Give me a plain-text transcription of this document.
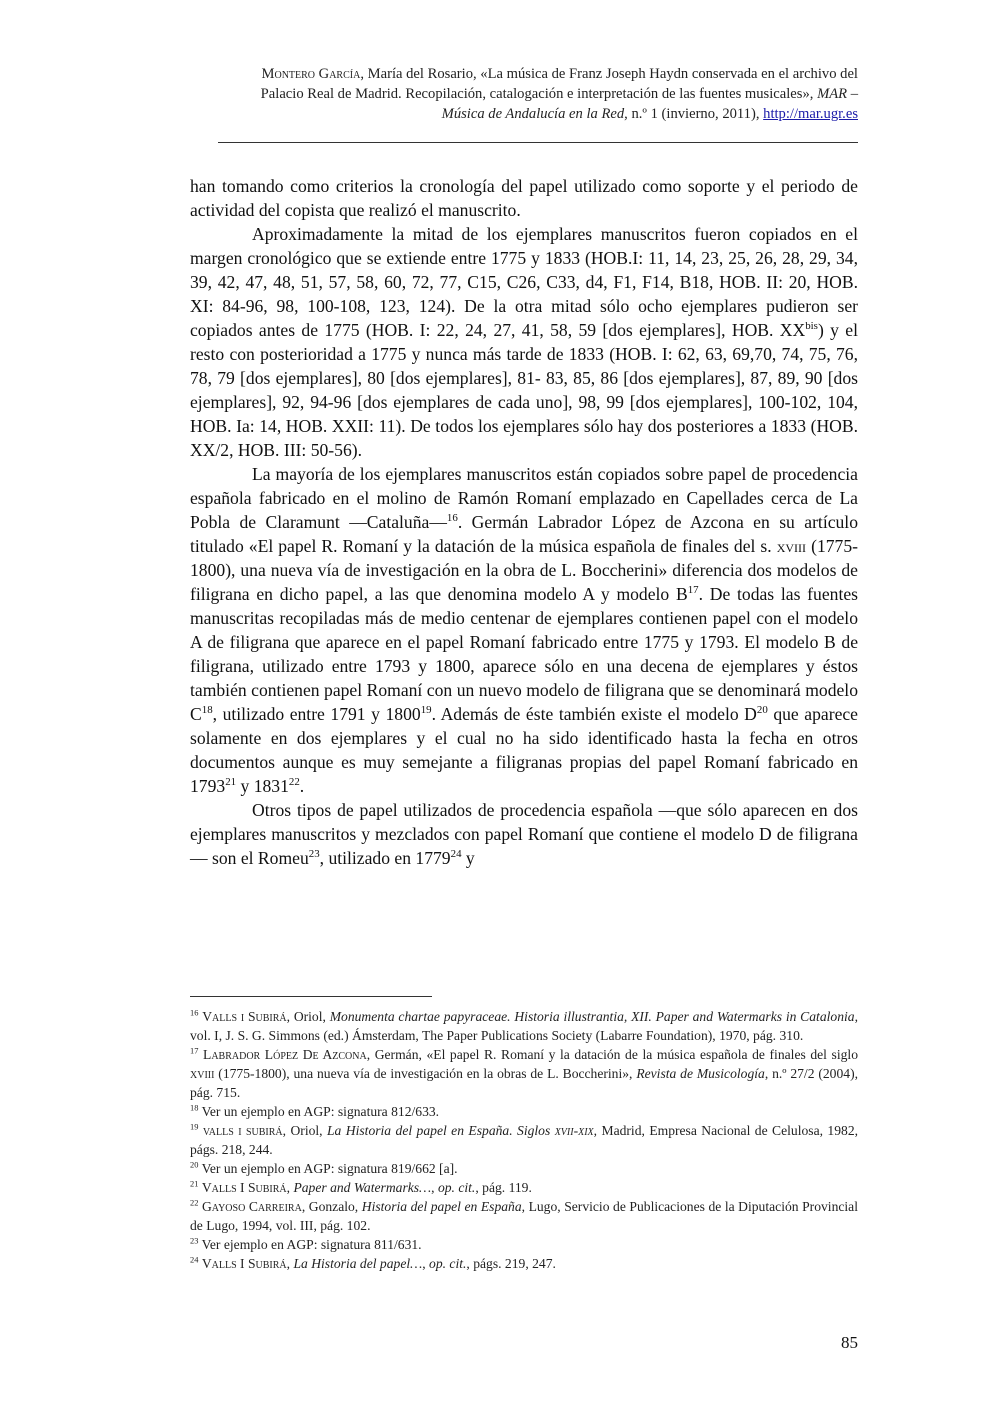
Montero García, María del Rosario, «La música de Franz Joseph Haydn conservada en el archivo del Palacio Real de Madrid. Recopilación, catalogación e interpretación de las fuentes musicales», MAR – Música de Andalucía en la Red, n.º 1 (invierno, 2011), http://mar.ugr.es

han tomando como criterios la cronología del papel utilizado como soporte y el periodo de actividad del copista que realizó el manuscrito.

Aproximadamente la mitad de los ejemplares manuscritos fueron copiados en el margen cronológico que se extiende entre 1775 y 1833 (HOB.I: 11, 14, 23, 25, 26, 28, 29, 34, 39, 42, 47, 48, 51, 57, 58, 60, 72, 77, C15, C26, C33, d4, F1, F14, B18, HOB. II: 20, HOB. XI: 84-96, 98, 100-108, 123, 124). De la otra mitad sólo ocho ejemplares pudieron ser copiados antes de 1775 (HOB. I: 22, 24, 27, 41, 58, 59 [dos ejemplares], HOB. $XX^{bis}$) y el resto con posterioridad a 1775 y nunca más tarde de 1833 (HOB. I: 62, 63, 69,70, 74, 75, 76, 78, 79 [dos ejemplares], 80 [dos ejemplares], 81- 83, 85, 86 [dos ejemplares], 87, 89, 90 [dos ejemplares], 92, 94-96 [dos ejemplares de cada uno], 98, 99 [dos ejemplares], 100-102, 104, HOB. Ia: 14, HOB. XXII: 11). De todos los ejemplares sólo hay dos posteriores a 1833 (HOB. XX/2, HOB. III: 50-56).

La mayoría de los ejemplares manuscritos están copiados sobre papel de procedencia española fabricado en el molino de Ramón Romaní emplazado en Capellades cerca de La Pobla de Claramunt —Cataluña—$^{16}$. Germán Labrador López de Azcona en su artículo titulado «El papel R. Romaní y la datación de la música española de finales del s. xviii (1775-1800), una nueva vía de investigación en la obra de L. Boccherini» diferencia dos modelos de filigrana en dicho papel, a las que denomina modelo A y modelo $B^{17}$. De todas las fuentes manuscritas recopiladas más de medio centenar de ejemplares contienen papel con el modelo A de filigrana que aparece en el papel Romaní fabricado entre 1775 y 1793. El modelo B de filigrana, utilizado entre 1793 y 1800, aparece sólo en una decena de ejemplares y éstos también contienen papel Romaní con un nuevo modelo de filigrana que se denominará modelo $C^{18}$, utilizado entre 1791 y 1800$^{19}$. Además de éste también existe el modelo $D^{20}$ que aparece solamente en dos ejemplares y el cual no ha sido identificado hasta la fecha en otros documentos aunque es muy semejante a filigranas propias del papel Romaní fabricado en 1793$^{21}$ y 1831$^{22}$.

Otros tipos de papel utilizados de procedencia española —que sólo aparecen en dos ejemplares manuscritos y mezclados con papel Romaní que contiene el modelo D de filigrana— son el Romeu$^{23}$, utilizado en 1779$^{24}$ y

$^{16}$ Valls i Subirá, Oriol, Monumenta chartae papyraceae. Historia illustrantia, XII. Paper and Watermarks in Catalonia, vol. I, J. S. G. Simmons (ed.) Ámsterdam, The Paper Publications Society (Labarre Foundation), 1970, pág. 310.

$^{17}$ Labrador López De Azcona, Germán, «El papel R. Romaní y la datación de la música española de finales del siglo xviii (1775-1800), una nueva vía de investigación en la obras de L. Boccherini», Revista de Musicología, n.º 27/2 (2004), pág. 715.

$^{18}$ Ver un ejemplo en AGP: signatura 812/633.

$^{19}$ valls i subirá, Oriol, La Historia del papel en España. Siglos xvii-xix, Madrid, Empresa Nacional de Celulosa, 1982, págs. 218, 244.

$^{20}$ Ver un ejemplo en AGP: signatura 819/662 [a].

$^{21}$ Valls I Subirá, Paper and Watermarks…, op. cit., pág. 119.

$^{22}$ Gayoso Carreira, Gonzalo, Historia del papel en España, Lugo, Servicio de Publicaciones de la Diputación Provincial de Lugo, 1994, vol. III, pág. 102.

$^{23}$ Ver ejemplo en AGP: signatura 811/631.

$^{24}$ Valls I Subirá, La Historia del papel…, op. cit., págs. 219, 247.

85
